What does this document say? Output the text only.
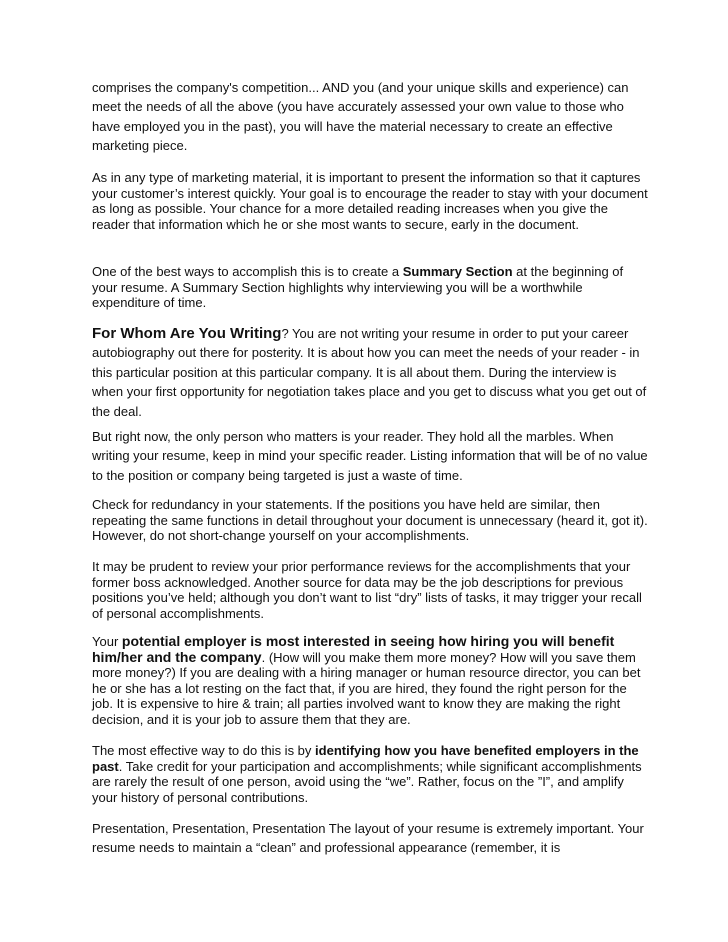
comprises the company's competition... AND you (and your unique skills and experience) can meet the needs of all the above (you have accurately assessed your own value to those who have employed you in the past), you will have the material necessary to create an effective marketing piece.

As in any type of marketing material, it is important to present the information so that it captures your customer’s interest quickly. Your goal is to encourage the reader to stay with your document as long as possible. Your chance for a more detailed reading increases when you give the reader that information which he or she most wants to secure, early in the document.

One of the best ways to accomplish this is to create a Summary Section at the beginning of your resume. A Summary Section highlights why interviewing you will be a worthwhile expenditure of time.

For Whom Are You Writing? You are not writing your resume in order to put your career autobiography out there for posterity. It is about how you can meet the needs of your reader - in this particular position at this particular company. It is all about them. During the interview is when your first opportunity for negotiation takes place and you get to discuss what you get out of the deal.

But right now, the only person who matters is your reader. They hold all the marbles. When writing your resume, keep in mind your specific reader. Listing information that will be of no value to the position or company being targeted is just a waste of time.

Check for redundancy in your statements. If the positions you have held are similar, then repeating the same functions in detail throughout your document is unnecessary (heard it, got it). However, do not short-change yourself on your accomplishments.

It may be prudent to review your prior performance reviews for the accomplishments that your former boss acknowledged. Another source for data may be the job descriptions for previous positions you’ve held; although you don’t want to list “dry” lists of tasks, it may trigger your recall of personal accomplishments.

Your potential employer is most interested in seeing how hiring you will benefit him/her and the company. (How will you make them more money? How will you save them more money?) If you are dealing with a hiring manager or human resource director, you can bet he or she has a lot resting on the fact that, if you are hired, they found the right person for the job. It is expensive to hire & train; all parties involved want to know they are making the right decision, and it is your job to assure them that they are.

The most effective way to do this is by identifying how you have benefited employers in the past. Take credit for your participation and accomplishments; while significant accomplishments are rarely the result of one person, avoid using the “we”. Rather, focus on the ”I”, and amplify your history of personal contributions.

Presentation, Presentation, Presentation The layout of your resume is extremely important. Your resume needs to maintain a “clean” and professional appearance (remember, it is
